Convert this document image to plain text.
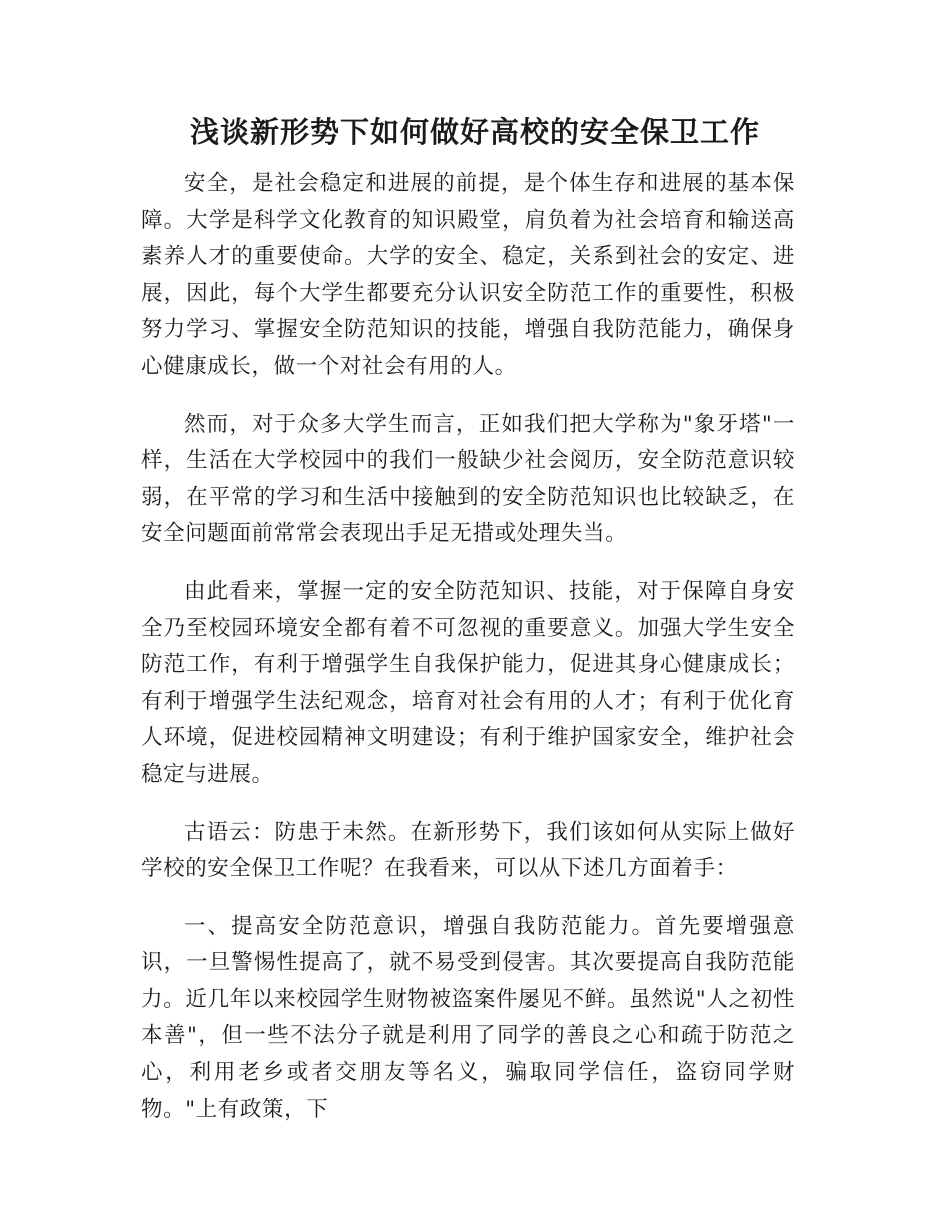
浅谈新形势下如何做好高校的安全保卫工作

安全，是社会稳定和进展的前提，是个体生存和进展的基本保障。大学是科学文化教育的知识殿堂，肩负着为社会培育和输送高素养人才的重要使命。大学的安全、稳定，关系到社会的安定、进展，因此，每个大学生都要充分认识安全防范工作的重要性，积极努力学习、掌握安全防范知识的技能，增强自我防范能力，确保身心健康成长，做一个对社会有用的人。

然而，对于众多大学生而言，正如我们把大学称为"象牙塔"一样，生活在大学校园中的我们一般缺少社会阅历，安全防范意识较弱，在平常的学习和生活中接触到的安全防范知识也比较缺乏，在安全问题面前常常会表现出手足无措或处理失当。

由此看来，掌握一定的安全防范知识、技能，对于保障自身安全乃至校园环境安全都有着不可忽视的重要意义。加强大学生安全防范工作，有利于增强学生自我保护能力，促进其身心健康成长；有利于增强学生法纪观念，培育对社会有用的人才；有利于优化育人环境，促进校园精神文明建设；有利于维护国家安全，维护社会稳定与进展。

古语云：防患于未然。在新形势下，我们该如何从实际上做好学校的安全保卫工作呢？在我看来，可以从下述几方面着手：

一、提高安全防范意识，增强自我防范能力。首先要增强意识，一旦警惕性提高了，就不易受到侵害。其次要提高自我防范能力。近几年以来校园学生财物被盗案件屡见不鲜。虽然说"人之初性本善"，但一些不法分子就是利用了同学的善良之心和疏于防范之心，利用老乡或者交朋友等名义，骗取同学信任，盗窃同学财物。"上有政策，下
